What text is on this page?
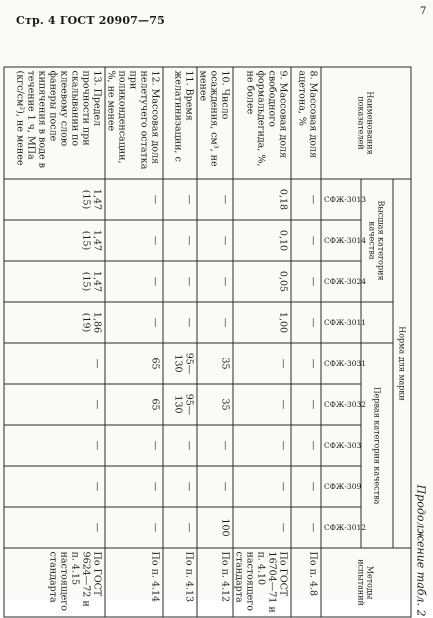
Стр. 4 ГОСТ 20907—75
7
Продолжение табл. 2
Наименования показателей	Норма для марки									Методы испытаний
	Высшая категория качества				Первая категория качества					

	СФЖ-3013	СФЖ-3014	СФЖ-3024	СФЖ-3011	СФЖ-3031	СФЖ-3032	СФЖ-303	СФЖ-309	СФЖ-3012	

8. Массовая доля ацетона, %	—	—	—	—	—	—	—	—	—	По п. 4.8
9. Массовая доля свободного формальдегида, %, не более	0,18	0,10	0,05	1,00	—	—	—	—	—	По ГОСТ 16704—71 и п. 4.10 настоящего стандарта
10. Число осаждения, см³, не менее	—	—	—	—	35	35	—	—	100	По п. 4.12
11. Время желатинизации, с	—	—	—	—	95—130	95—130	—	—	—	По п. 4.13
12. Массовая доля нелетучего остатка при поликонденсации, %, не менее	—	—	—	—	65	65	—	—	—	По п. 4.14
13. Предел прочности при скалывании по клеевому слою фанеры после кипячения в воде в течение 1 ч, МПа (кгс/см²), не менее	1,47 (15)	1,47 (15)	1,47 (15)	1,86 (19)	—	—	—	—	—	По ГОСТ 9624—72 и п. 4.15 настоящего стандарта
